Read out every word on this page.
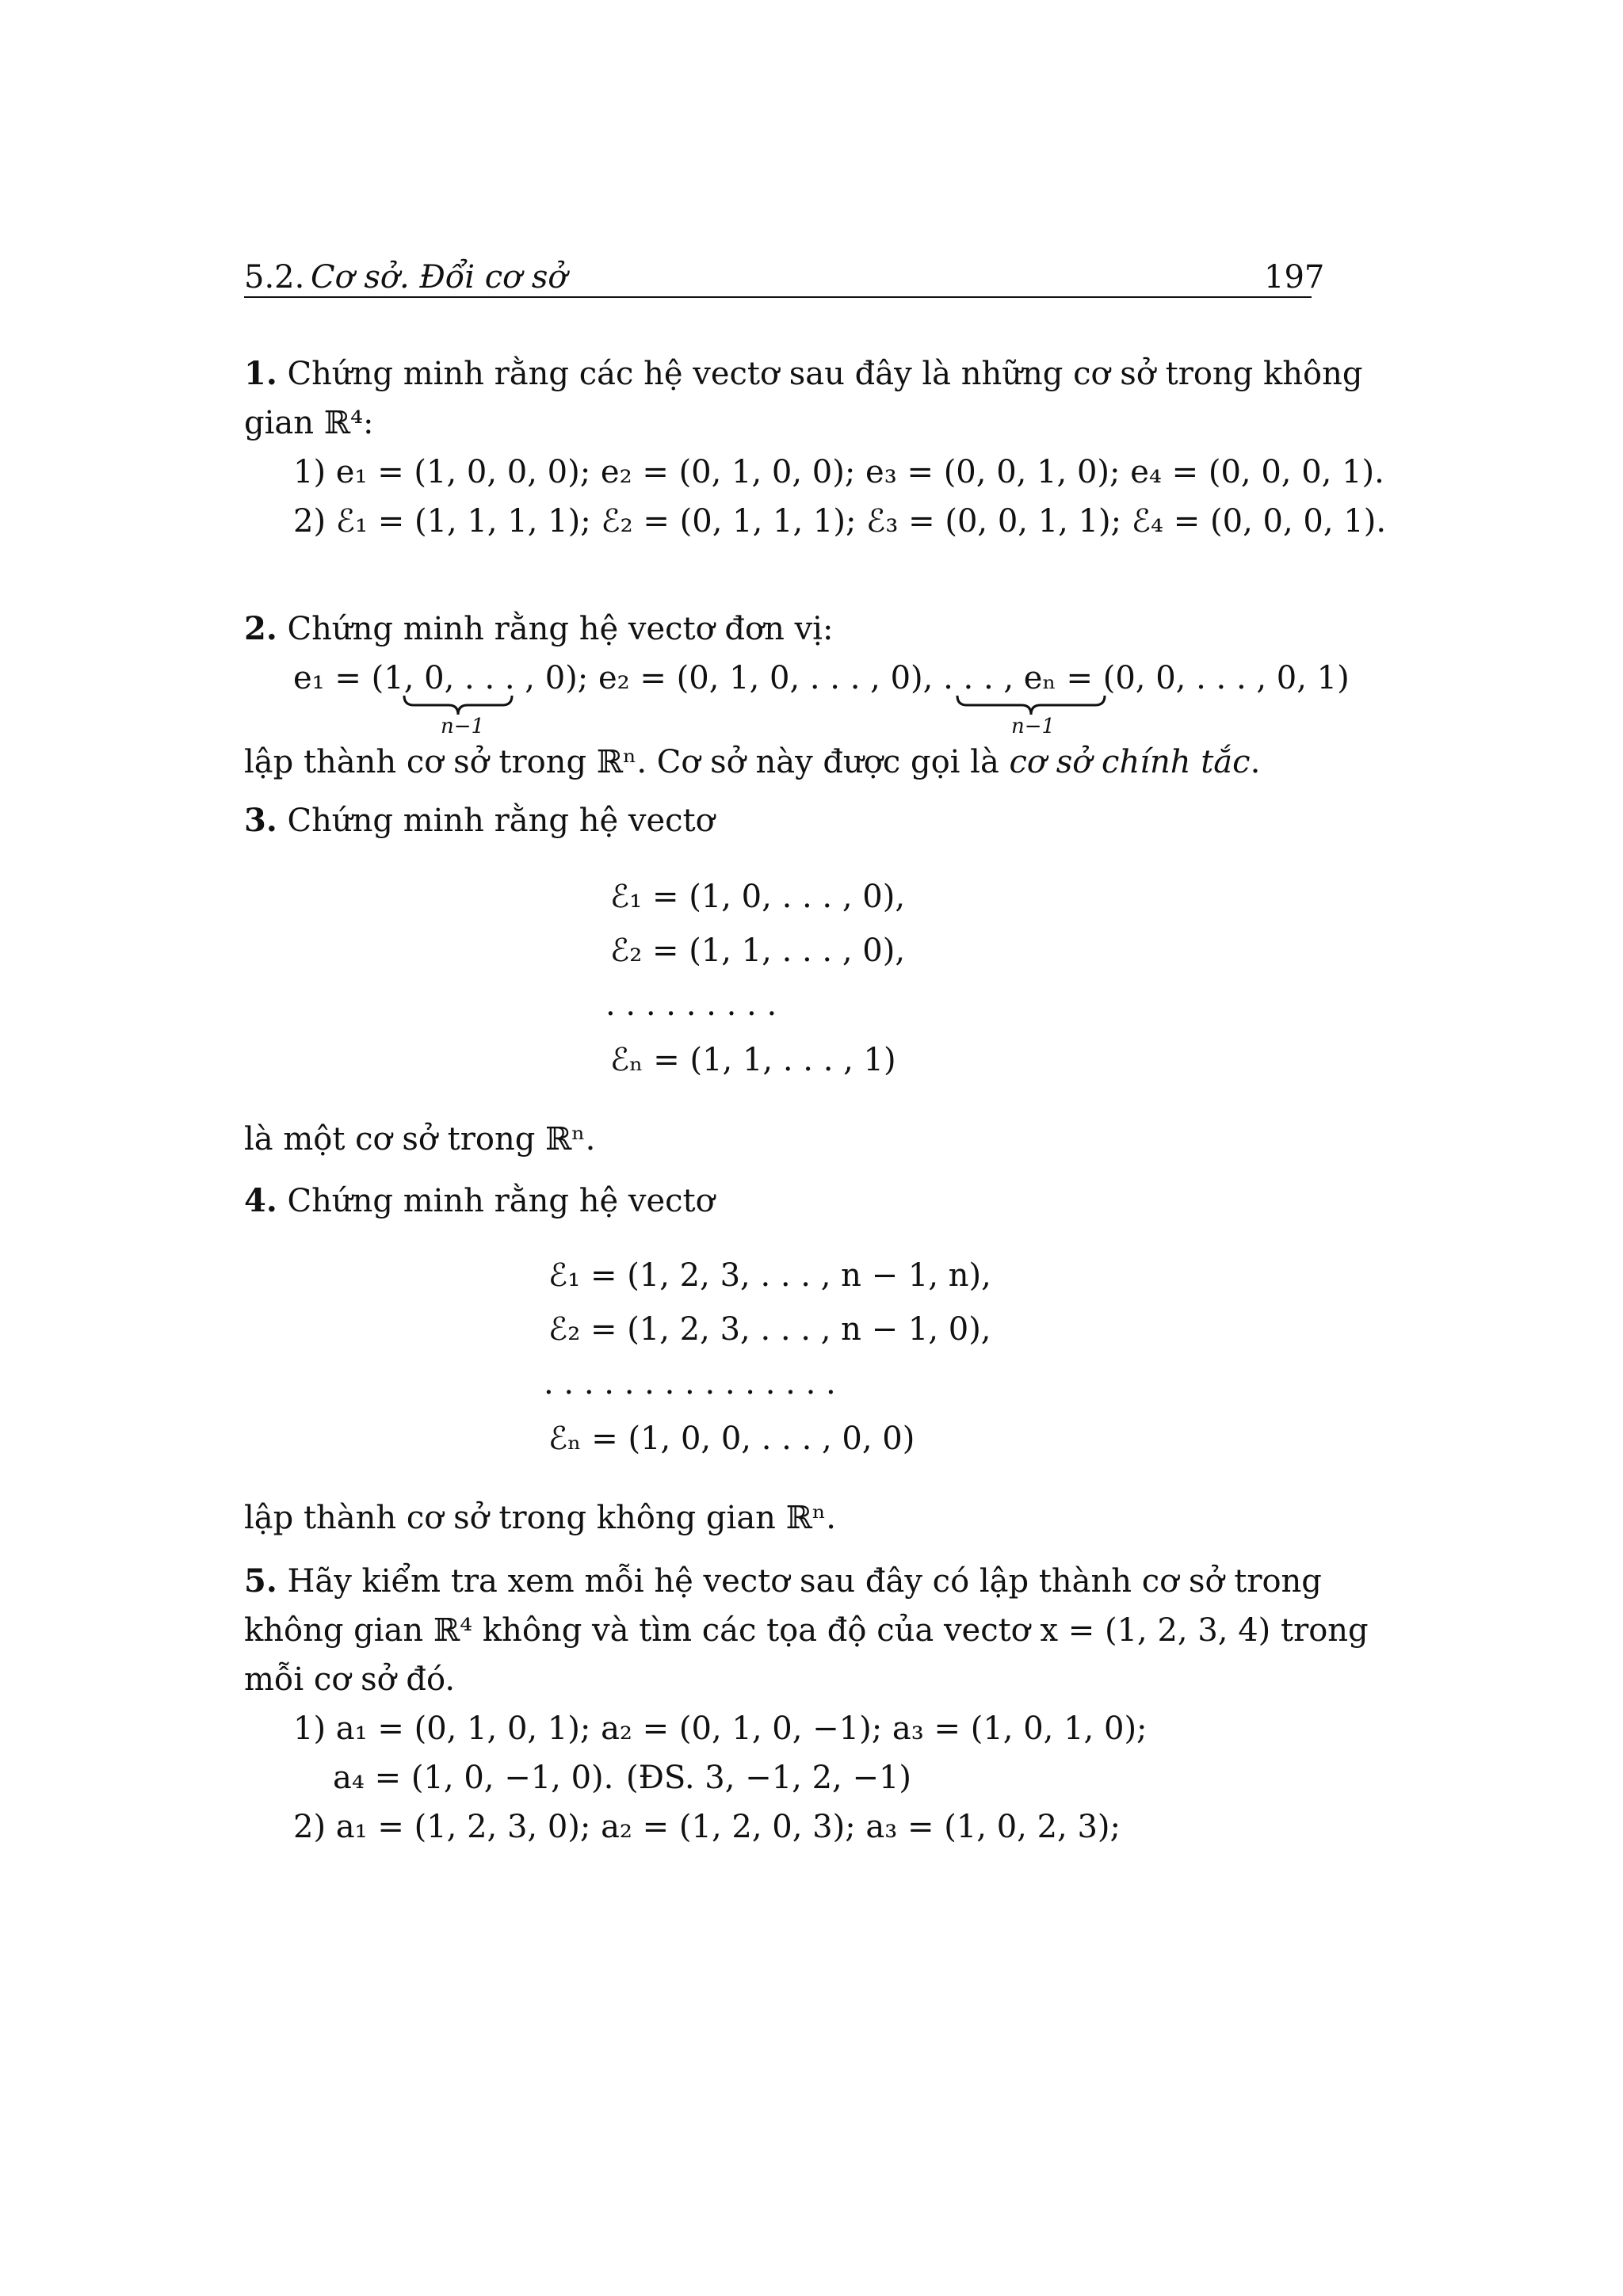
5.2. Cơ sở. Đổi cơ sở	197
1. Chứng minh rằng các hệ vectơ sau đây là những cơ sở trong không
gian ℝ⁴:
1) e₁ = (1, 0, 0, 0); e₂ = (0, 1, 0, 0); e₃ = (0, 0, 1, 0); e₄ = (0, 0, 0, 1).
2) ℰ₁ = (1, 1, 1, 1); ℰ₂ = (0, 1, 1, 1); ℰ₃ = (0, 0, 1, 1); ℰ₄ = (0, 0, 0, 1).
2. Chứng minh rằng hệ vectơ đơn vị:
e₁ = (1, 0, . . . , 0); e₂ = (0, 1, 0, . . . , 0), . . . , eₙ = (0, 0, . . . , 0, 1)
n−1	n−1
lập thành cơ sở trong ℝⁿ. Cơ sở này được gọi là cơ sở chính tắc.
3. Chứng minh rằng hệ vectơ
ℰ₁ = (1, 0, . . . , 0),
ℰ₂ = (1, 1, . . . , 0),
. . . . . . . . .
ℰₙ = (1, 1, . . . , 1)
là một cơ sở trong ℝⁿ.
4. Chứng minh rằng hệ vectơ
ℰ₁ = (1, 2, 3, . . . , n − 1, n),
ℰ₂ = (1, 2, 3, . . . , n − 1, 0),
. . . . . . . . . . . . . . .
ℰₙ = (1, 0, 0, . . . , 0, 0)
lập thành cơ sở trong không gian ℝⁿ.
5. Hãy kiểm tra xem mỗi hệ vectơ sau đây có lập thành cơ sở trong
không gian ℝ⁴ không và tìm các tọa độ của vectơ x = (1, 2, 3, 4) trong
mỗi cơ sở đó.
1) a₁ = (0, 1, 0, 1); a₂ = (0, 1, 0, −1); a₃ = (1, 0, 1, 0);
a₄ = (1, 0, −1, 0). (ĐS. 3, −1, 2, −1)
2) a₁ = (1, 2, 3, 0); a₂ = (1, 2, 0, 3); a₃ = (1, 0, 2, 3);
